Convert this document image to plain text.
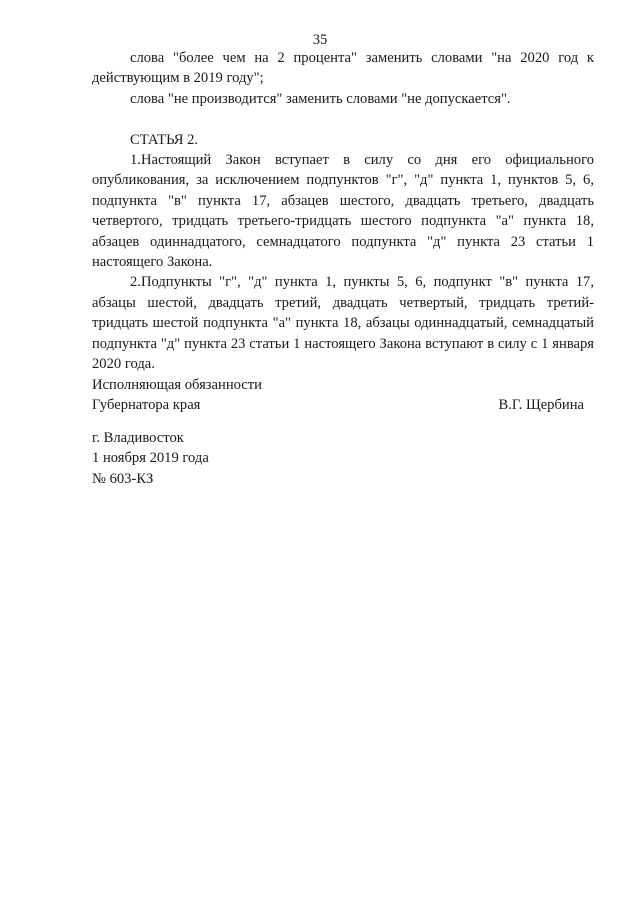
35

слова "более чем на 2 процента" заменить словами "на 2020 год к действующим в 2019 году";

слова "не производится" заменить словами "не допускается".

СТАТЬЯ 2.

1.Настоящий Закон вступает в силу со дня его официального опубликования, за исключением подпунктов "г", "д" пункта 1, пунктов 5, 6, подпункта "в" пункта 17, абзацев шестого, двадцать третьего, двадцать четвертого, тридцать третьего-тридцать шестого подпункта "а" пункта 18, абзацев одиннадцатого, семнадцатого подпункта "д" пункта 23 статьи 1 настоящего Закона.

2.Подпункты "г", "д" пункта 1, пункты 5, 6, подпункт "в" пункта 17, абзацы шестой, двадцать третий, двадцать четвертый, тридцать третий-тридцать шестой подпункта "а" пункта 18, абзацы одиннадцатый, семнадцатый подпункта "д" пункта 23 статьи 1 настоящего Закона вступают в силу с 1 января 2020 года.

Исполняющая обязанности
Губернатора края	В.Г. Щербина
г. Владивосток
1 ноября 2019 года
№ 603-КЗ
